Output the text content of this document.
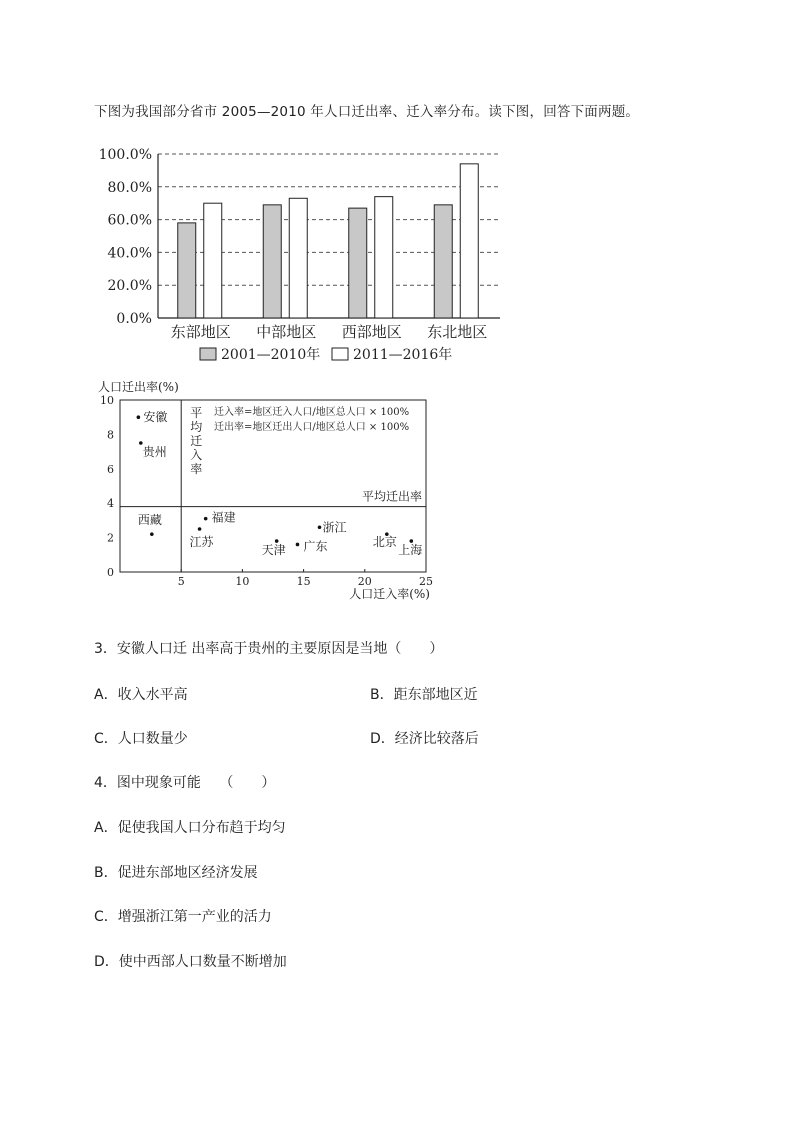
下图为我国部分省市 2005—2010 年人口迁出率、迁入率分布。读下图，回答下面两题。
0.0%
20.0%
40.0%
60.0%
80.0%
100.0%
东部地区 中部地区 西部地区 东北地区
2001—2010年 2011—2016年
人口迁出率(%)
0
2
4
6
8
10
5	10	15	20	25
人口迁入率(%)
平均迁入率
平均迁出率
迁入率=地区迁入人口/地区总人口 × 100%
迁出率=地区迁出人口/地区总人口 × 100%
安徽
贵州
西藏	福建
江苏
天津 广东
浙江
北京
上海
3．安徽人口迁 出率高于贵州的主要原因是当地（　　）
A．收入水平高	B．距东部地区近
C．人口数量少	D．经济比较落后
4．图中现象可能　 （　　）
A．促使我国人口分布趋于均匀
B．促进东部地区经济发展
C．增强浙江第一产业的活力
D．使中西部人口数量不断增加
